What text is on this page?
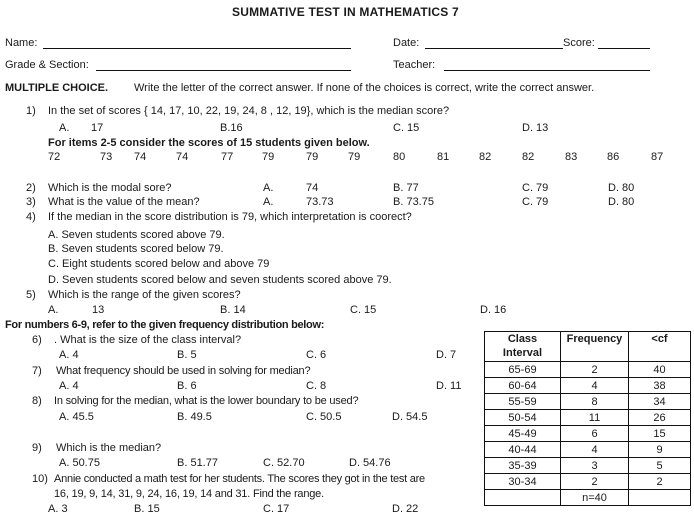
SUMMATIVE TEST IN MATHEMATICS 7
Name:	Date:	Score:
Grade & Section:	Teacher:
MULTIPLE CHOICE. Write the letter of the correct answer. If none of the choices is correct, write the correct answer.
1) In the set of scores { 14, 17, 10, 22, 19, 24, 8 , 12, 19}, which is the median score?
A. 17	B.16	C. 15	D. 13
For items 2-5 consider the scores of 15 students given below.
72	73 74	74	77	79	79	79	80	81	82	82	83	86	87
2) Which is the modal sore?	A.	74	B. 77	C. 79	D. 80
3) What is the value of the mean?	A.	73.73	B. 73.75	C. 79	D. 80
4) If the median in the score distribution is 79, which interpretation is coorect?
A. Seven students scored above 79.
B. Seven students scored below 79.
C. Eight students scored below and above 79
D. Seven students scored below and seven students scored above 79.
5) Which is the range of the given scores?
A.	13	B. 14	C. 15	D. 16
For numbers 6-9, refer to the given frequency distribution below:
6) . What is the size of the class interval?
A. 4	B. 5	C. 6	D. 7
7) What frequency should be used in solving for median?
A. 4	B. 6	C. 8	D. 11
8) In solving for the median, what is the lower boundary to be used?
A. 45.5	B. 49.5	C. 50.5	D. 54.5
9) Which is the median?
A. 50.75	B. 51.77	C. 52.70	D. 54.76
10) Annie conducted a math test for her students. The scores they got in the test are
16, 19, 9, 14, 31, 9, 24, 16, 19, 14 and 31. Find the range.
A. 3	B. 15	C. 17	D. 22
Class
Interval	Frequency	<cf
65-69	2	40
60-64	4	38
55-59	8	34
50-54	11	26
45-49	6	15
40-44	4	9
35-39	3	5
30-34	2	2
	n=40	
